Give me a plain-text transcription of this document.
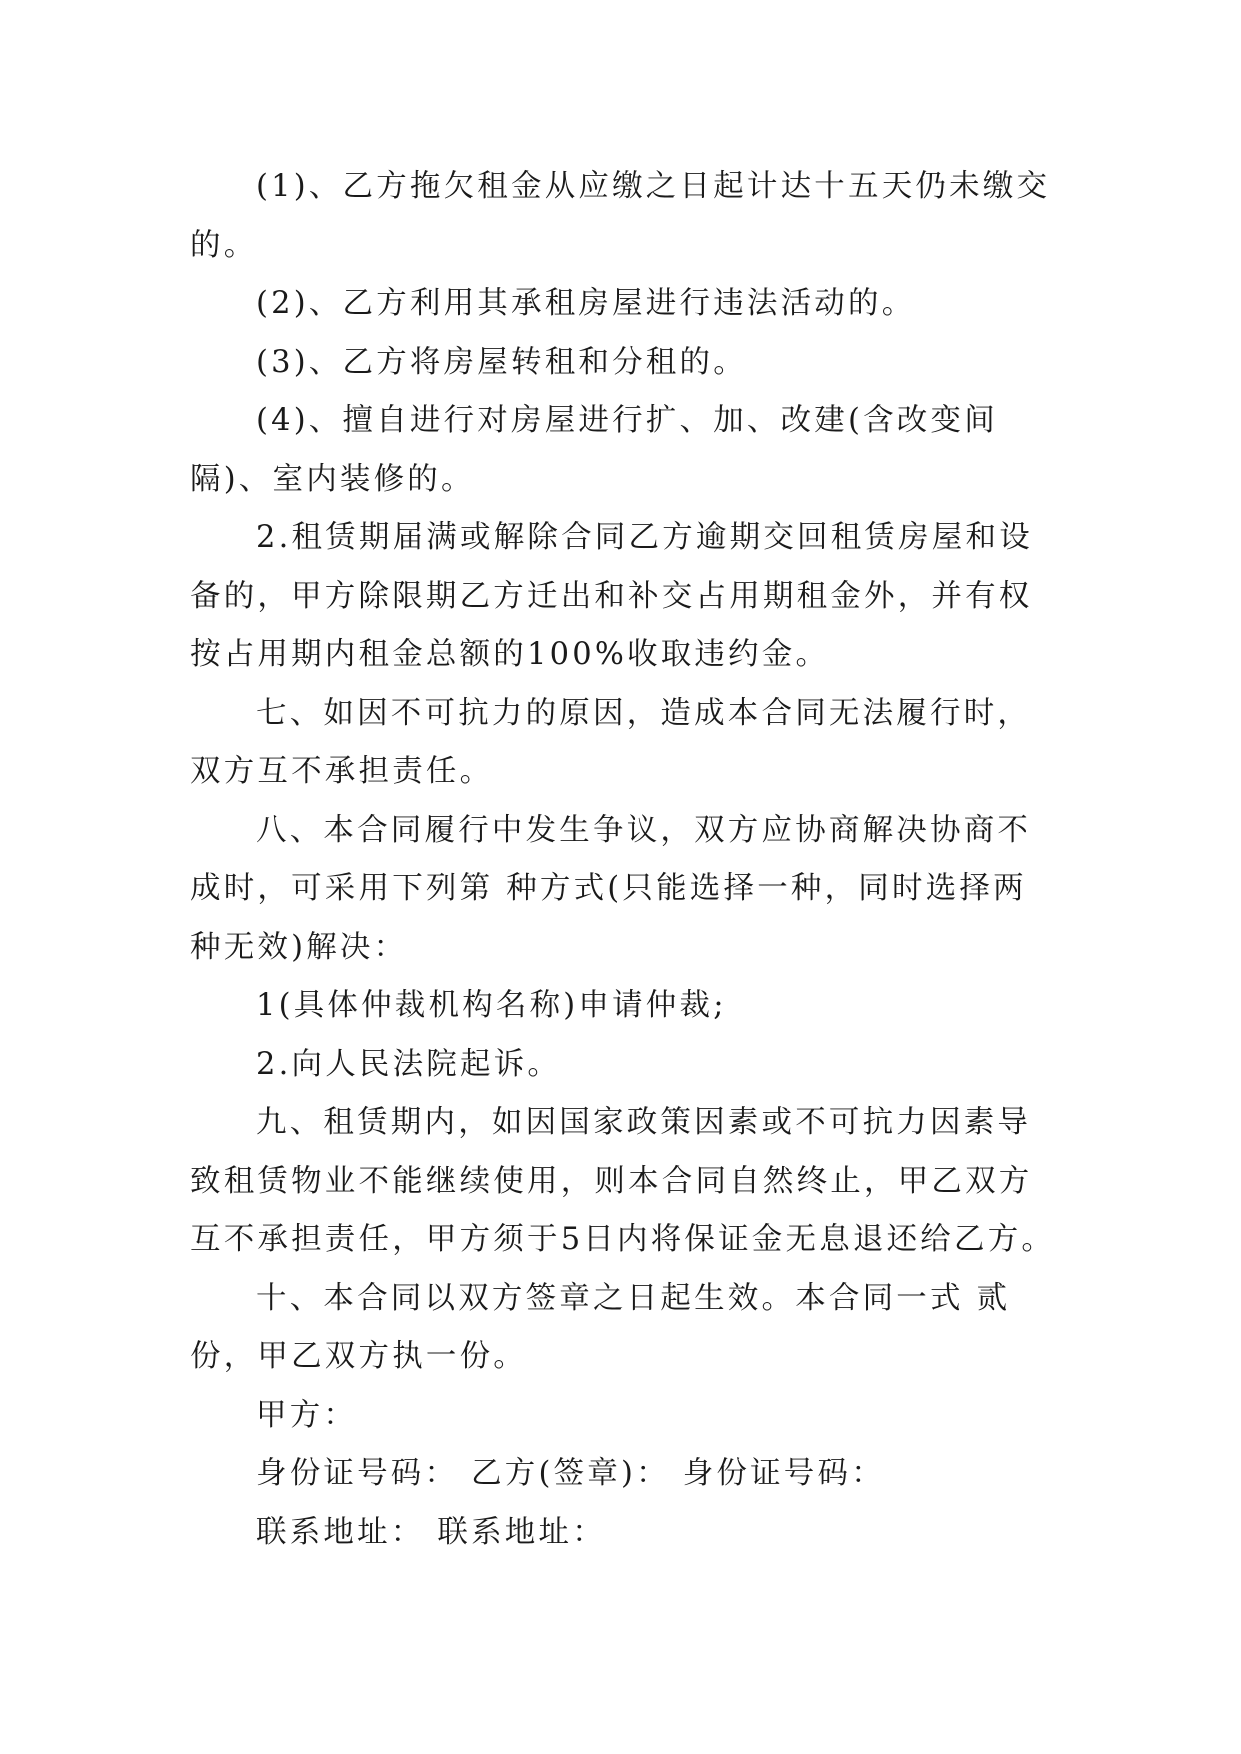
(1)、乙方拖欠租金从应缴之日起计达十五天仍未缴交的。

(2)、乙方利用其承租房屋进行违法活动的。

(3)、乙方将房屋转租和分租的。

(4)、擅自进行对房屋进行扩、加、改建(含改变间隔)、室内装修的。

2.租赁期届满或解除合同乙方逾期交回租赁房屋和设备的，甲方除限期乙方迁出和补交占用期租金外，并有权按占用期内租金总额的100%收取违约金。

七、如因不可抗力的原因，造成本合同无法履行时，双方互不承担责任。

八、本合同履行中发生争议，双方应协商解决协商不成时，可采用下列第 种方式(只能选择一种，同时选择两种无效)解决：

1(具体仲裁机构名称)申请仲裁;

2.向人民法院起诉。

九、租赁期内，如因国家政策因素或不可抗力因素导致租赁物业不能继续使用，则本合同自然终止，甲乙双方互不承担责任，甲方须于5日内将保证金无息退还给乙方。

十、本合同以双方签章之日起生效。本合同一式 贰份，甲乙双方执一份。

甲方：

身份证号码： 乙方(签章)： 身份证号码：

联系地址： 联系地址：
